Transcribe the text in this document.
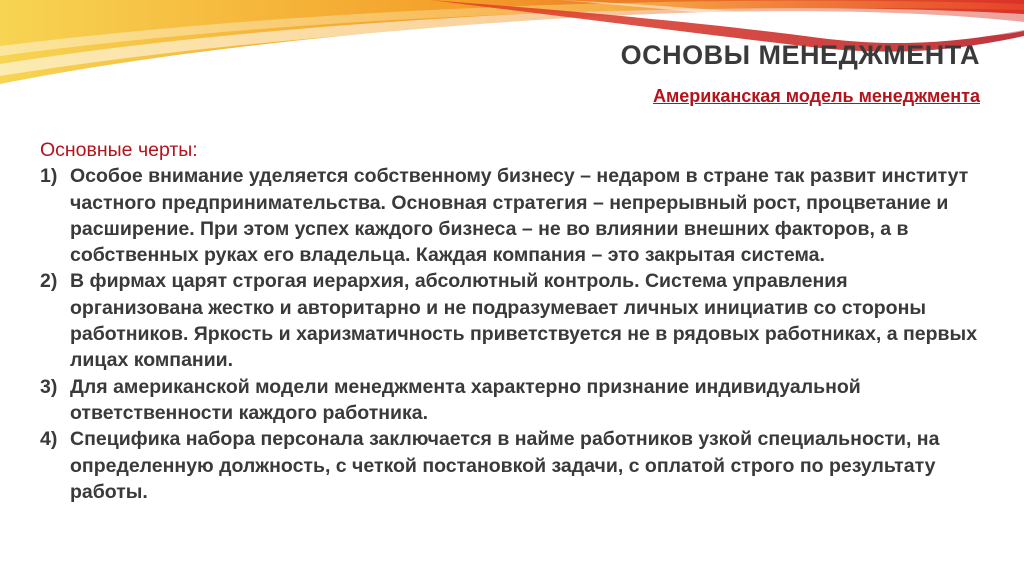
ОСНОВЫ МЕНЕДЖМЕНТА
Американская модель менеджмента
Основные черты:
1) Особое внимание уделяется собственному бизнесу – недаром в стране так развит институт частного предпринимательства. Основная стратегия – непрерывный рост, процветание и расширение. При этом успех каждого бизнеса – не во влиянии внешних факторов, а в собственных руках его владельца. Каждая компания – это закрытая система.
2) В фирмах царят строгая иерархия, абсолютный контроль. Система управления организована жестко и авторитарно и не подразумевает личных инициатив со стороны работников. Яркость и харизматичность приветствуется не в рядовых работниках, а первых лицах компании.
3) Для американской модели менеджмента характерно признание индивидуальной ответственности каждого работника.
4) Специфика набора персонала заключается в найме работников узкой специальности, на определенную должность, с четкой постановкой задачи, с оплатой строго по результату работы.
